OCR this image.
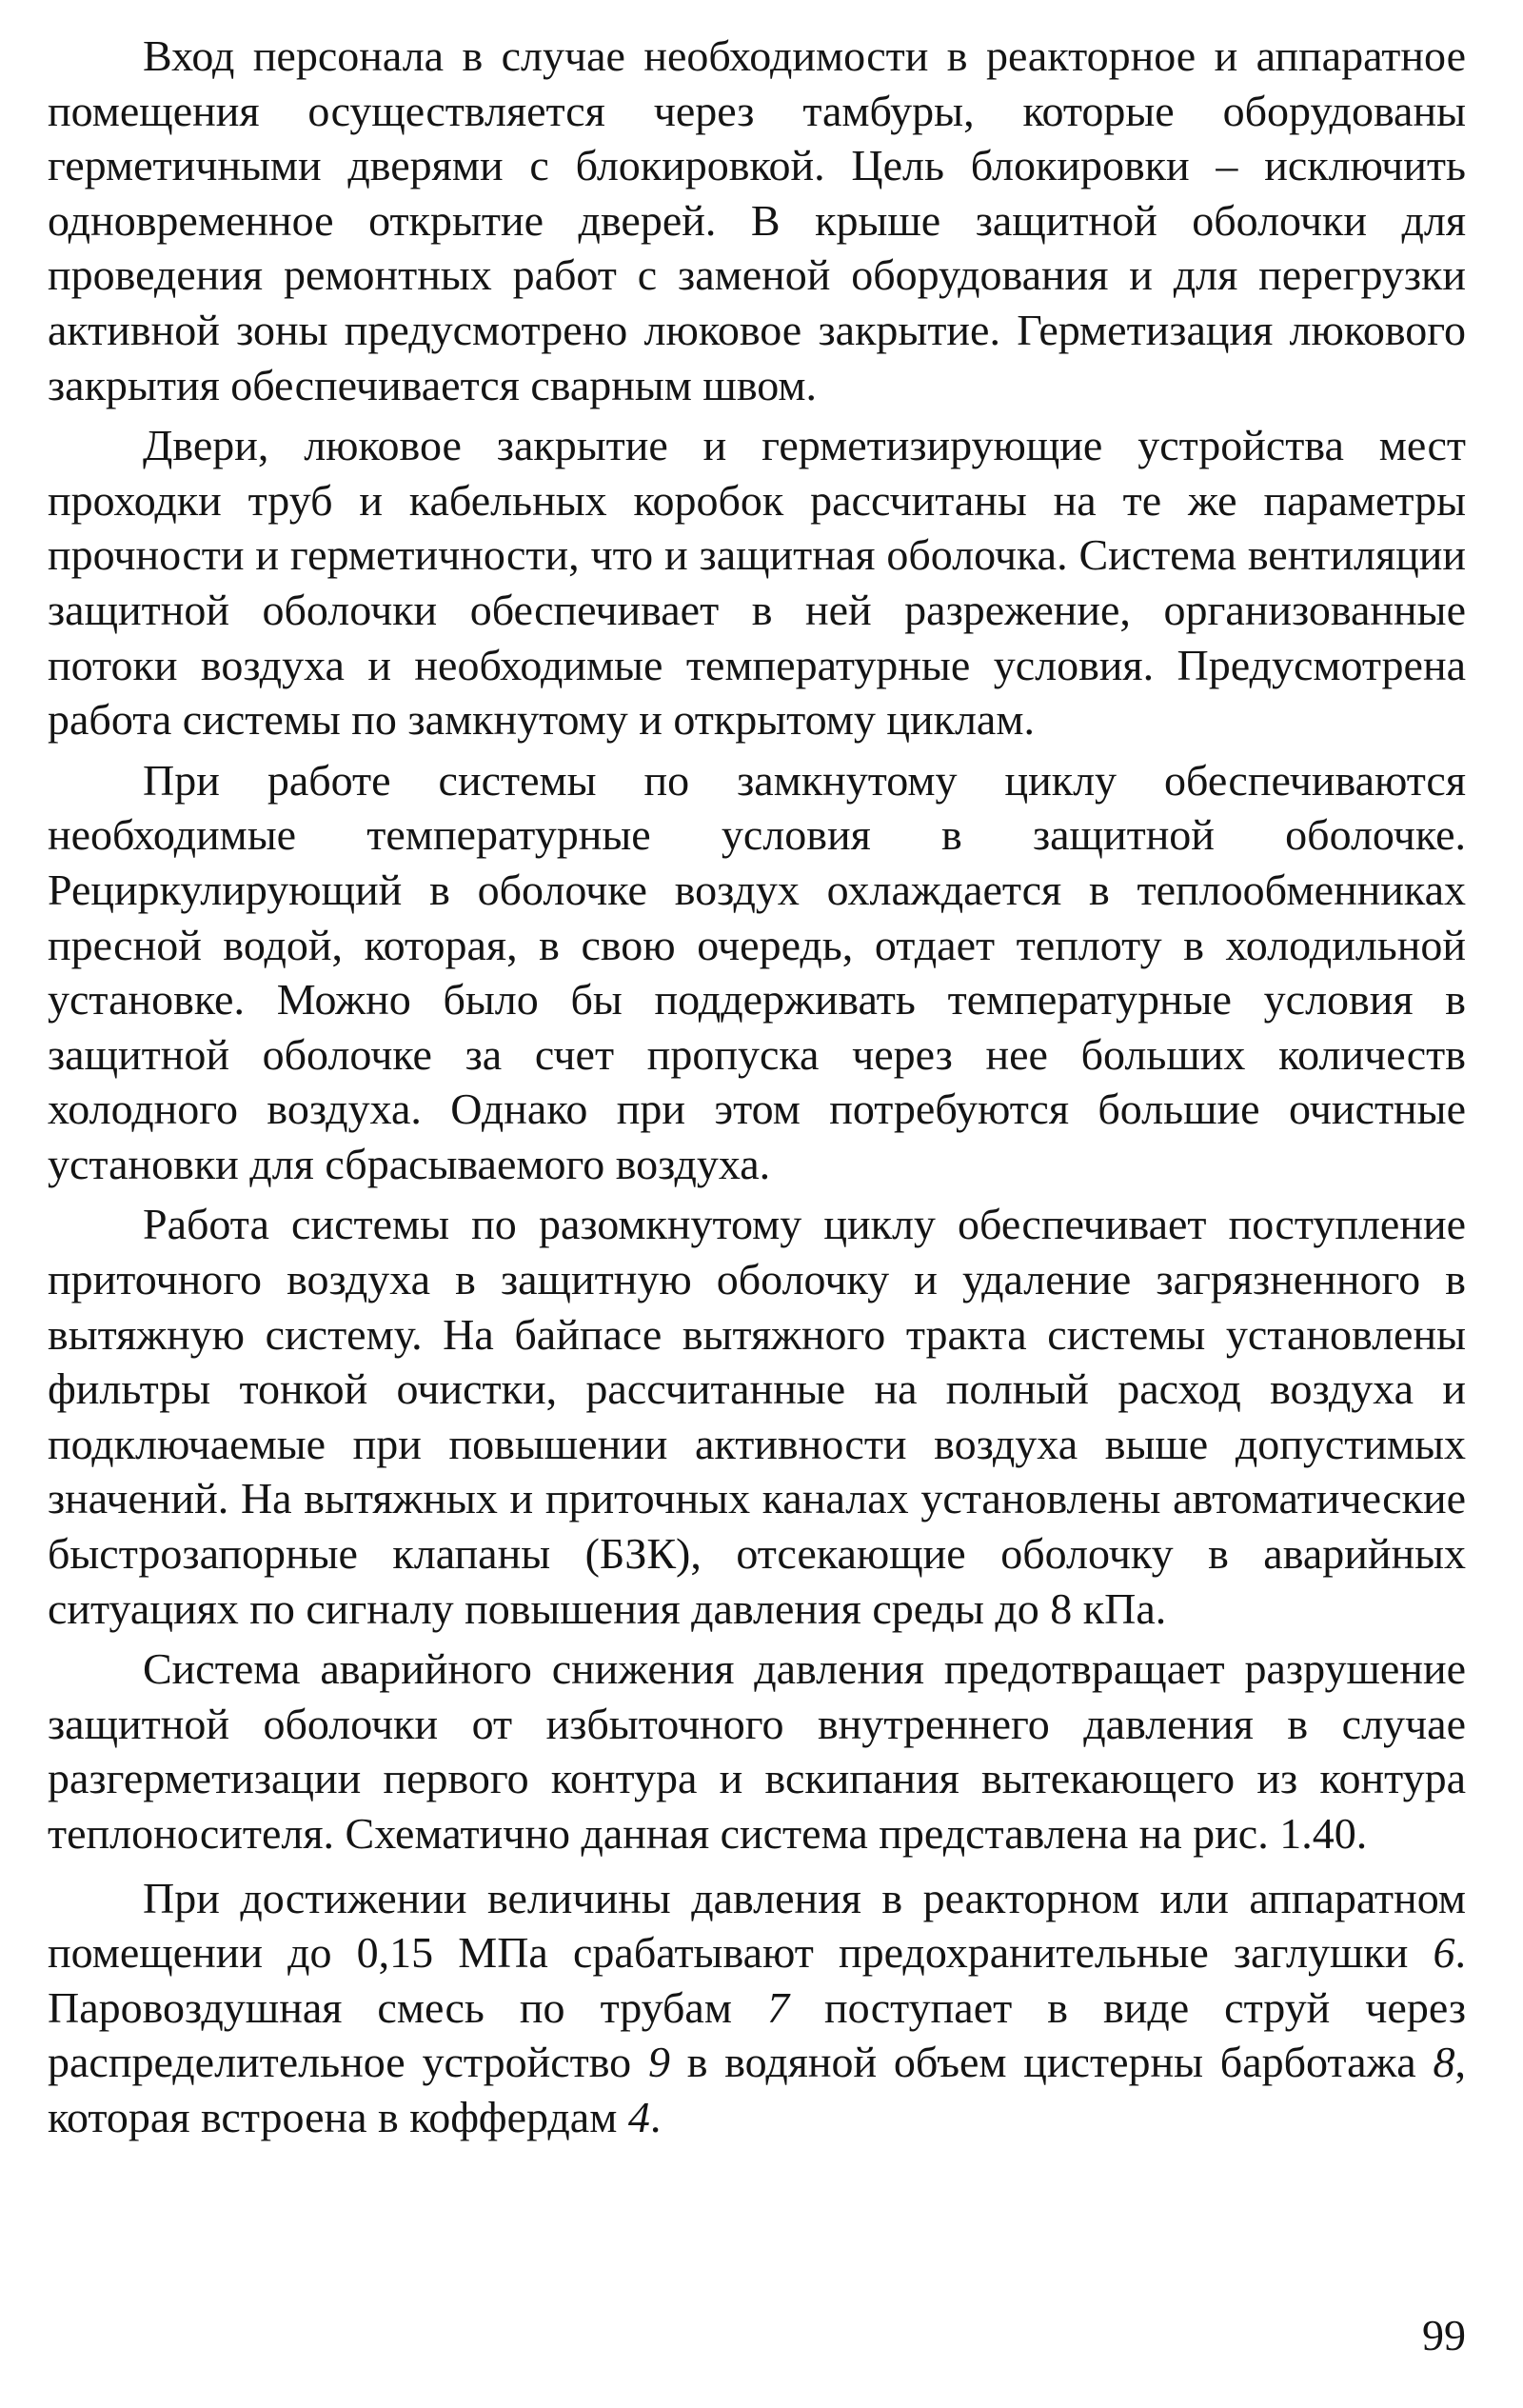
Вход персонала в случае необходимости в реакторное и аппаратное помещения осуществляется через тамбуры, которые оборудованы герметичными дверями с блокировкой. Цель блокировки – исключить одновременное открытие дверей. В крыше защитной оболочки для проведения ремонтных работ с заменой оборудования и для перегрузки активной зоны предусмотрено люковое закрытие. Герметизация люкового закрытия обеспечивается сварным швом.

Двери, люковое закрытие и герметизирующие устройства мест проходки труб и кабельных коробок рассчитаны на те же параметры прочности и герметичности, что и защитная оболочка. Система вентиляции защитной оболочки обеспечивает в ней разрежение, организованные потоки воздуха и необходимые температурные условия. Предусмотрена работа системы по замкнутому и открытому циклам.

При работе системы по замкнутому циклу обеспечиваются необходимые температурные условия в защитной оболочке. Рециркулирующий в оболочке воздух охлаждается в теплообменниках пресной водой, которая, в свою очередь, отдает теплоту в холодильной установке. Можно было бы поддерживать температурные условия в защитной оболочке за счет пропуска через нее больших количеств холодного воздуха. Однако при этом потребуются большие очистные установки для сбрасываемого воздуха.

Работа системы по разомкнутому циклу обеспечивает поступление приточного воздуха в защитную оболочку и удаление загрязненного в вытяжную систему. На байпасе вытяжного тракта системы установлены фильтры тонкой очистки, рассчитанные на полный расход воздуха и подключаемые при повышении активности воздуха выше допустимых значений. На вытяжных и приточных каналах установлены автоматические быстрозапорные клапаны (БЗК), отсекающие оболочку в аварийных ситуациях по сигналу повышения давления среды до 8 кПа.

Система аварийного снижения давления предотвращает разрушение защитной оболочки от избыточного внутреннего давления в случае разгерметизации первого контура и вскипания вытекающего из контура теплоносителя. Схематично данная система представлена на рис. 1.40.

При достижении величины давления в реакторном или аппаратном помещении до 0,15 МПа срабатывают предохранительные заглушки 6. Паровоздушная смесь по трубам 7 поступает в виде струй через распределительное устройство 9 в водяной объем цистерны барботажа 8, которая встроена в коффердам 4.

99
